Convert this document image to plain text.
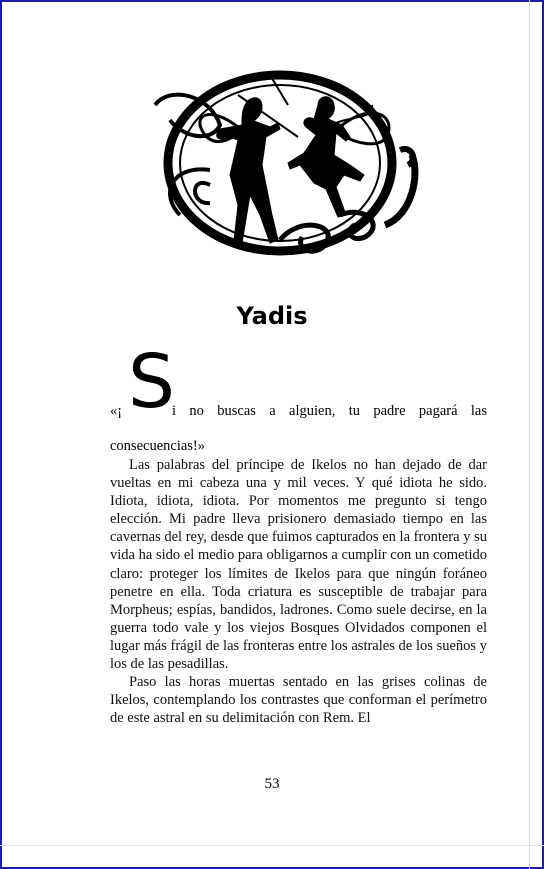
Yadis
S
«¡	i no buscas a alguien, tu padre pagará las
consecuencias!»

Las palabras del príncipe de Ikelos no han dejado de dar vueltas en mi cabeza una y mil veces. Y qué idiota he sido. Idiota, idiota, idiota. Por momentos me pregunto si tengo elección. Mi padre lleva prisionero demasiado tiempo en las cavernas del rey, desde que fuimos capturados en la frontera y su vida ha sido el medio para obligarnos a cumplir con un cometido claro: proteger los límites de Ikelos para que ningún foráneo penetre en ella. Toda criatura es susceptible de trabajar para Morpheus; espías, bandidos, ladrones. Como suele decirse, en la guerra todo vale y los viejos Bosques Olvidados componen el lugar más frágil de las fronteras entre los astrales de los sueños y los de las pesadillas.

Paso las horas muertas sentado en las grises colinas de Ikelos, contemplando los contrastes que conforman el perímetro de este astral en su delimitación con Rem. El

53
